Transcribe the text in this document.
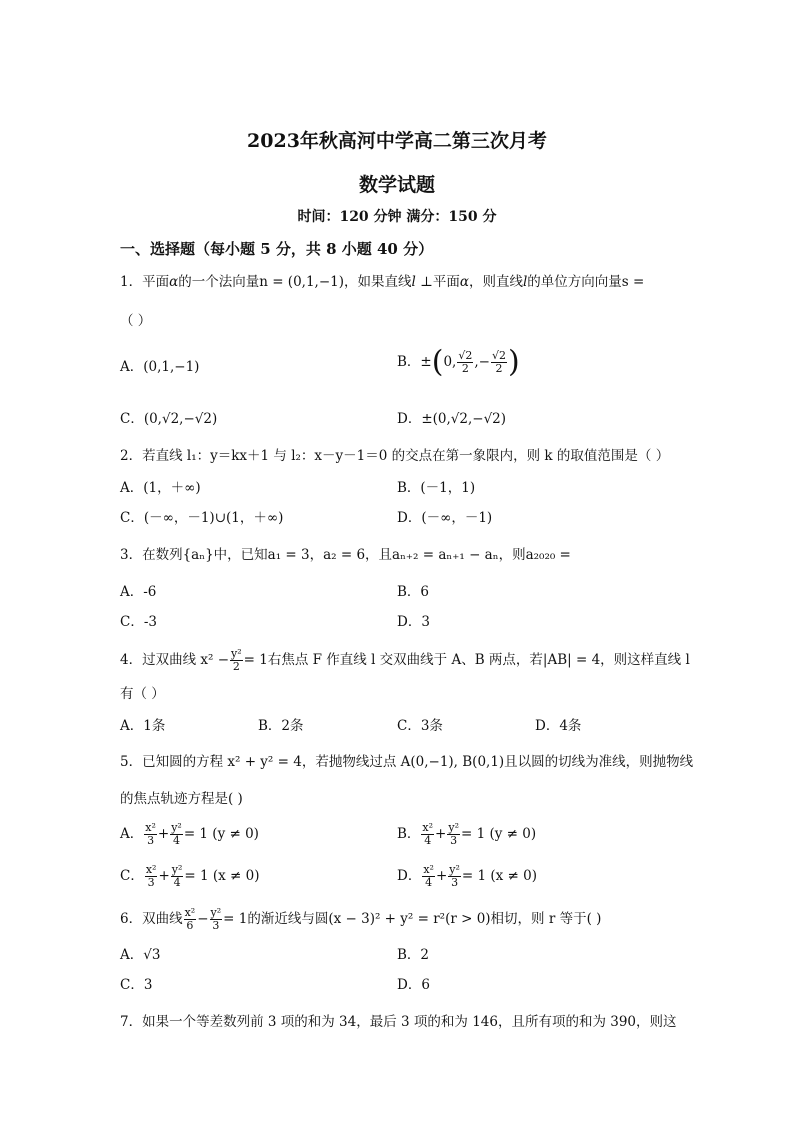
2023年秋高河中学高二第三次月考
数学试题
时间：120 分钟 满分：150 分
一、选择题（每小题 5 分，共 8 小题 40 分）
1．平面α的一个法向量n = (0,1,−1)，如果直线l ⊥平面α，则直线l的单位方向向量s =
（ ）
A．(0,1,−1)	B．±(0, $\frac{√2}{2}$ ,− $\frac{√2}{2}$ )
C．(0,√2,−√2)	D．±(0,√2,−√2)
2．若直线 l₁：y＝kx＋1 与 l₂：x－y－1＝0 的交点在第一象限内，则 k 的取值范围是（ ）
A．(1，＋∞)	B．(－1，1)
C．(－∞，－1)∪(1，＋∞)	D．(－∞，－1)
3．在数列{aₙ}中，已知a₁ = 3，a₂ = 6，且aₙ₊₂ = aₙ₊₁ − aₙ，则a₂₀₂₀ =
A．-6	B．6
C．-3	D．3
4．过双曲线 $x^2 - \frac{\text{y²}}{2} = 1$右焦点 F 作直线 l 交双曲线于 A、B 两点，若|AB| = 4，则这样直线 l
有（ ）
A．1条	B．2条	C．3条	D．4条
5．已知圆的方程 x² + y² = 4，若抛物线过点 A(0,−1), B(0,1)且以圆的切线为准线，则抛物线
的焦点轨迹方程是( )
A． $\frac{\text{x²}}{3} + \frac{\text{y²}}{4} = 1$ (y ≠ 0)	B． $\frac{\text{x²}}{4} + \frac{\text{y²}}{3} = 1$ (y ≠ 0)
C． $\frac{\text{x²}}{3} + \frac{\text{y²}}{4} = 1$ (x ≠ 0)	D． $\frac{\text{x²}}{4} + \frac{\text{y²}}{3} = 1$ (x ≠ 0)
6．双曲线 $\frac{\text{x²}}{6} - \frac{\text{y²}}{3} = 1$的渐近线与圆(x − 3)² + y² = r²(r > 0)相切，则 r 等于( )
A．√3	B．2
C．3	D．6
7．如果一个等差数列前 3 项的和为 34，最后 3 项的和为 146，且所有项的和为 390，则这
